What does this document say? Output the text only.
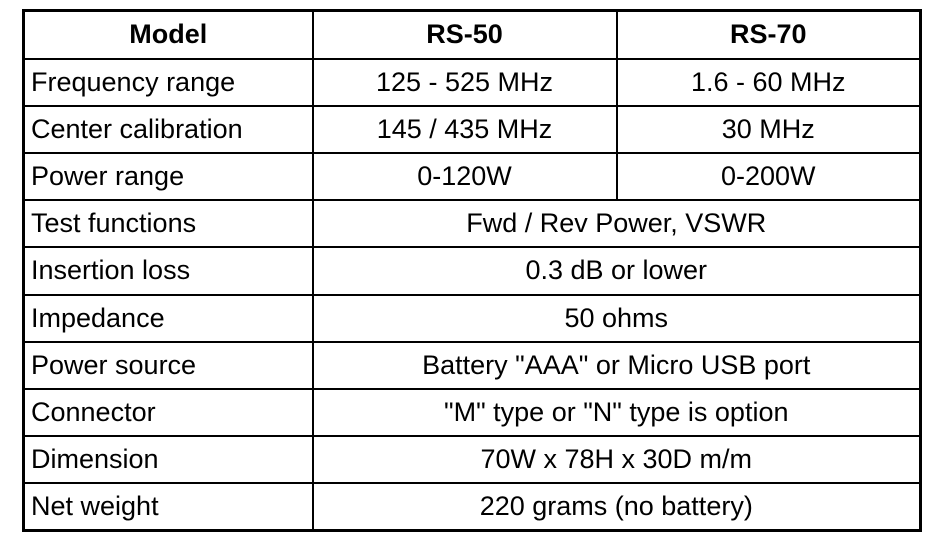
Model	RS-50	RS-70
Frequency range	125 - 525 MHz	1.6 - 60 MHz
Center calibration	145 / 435 MHz	30 MHz
Power range	0-120W	0-200W
Test functions	Fwd / Rev Power, VSWR	
Insertion loss	0.3 dB or lower	
Impedance	50 ohms	
Power source	Battery "AAA" or Micro USB port	
Connector	"M" type or "N" type is option	
Dimension	70W x 78H x 30D m/m	
Net weight	220 grams (no battery)	
